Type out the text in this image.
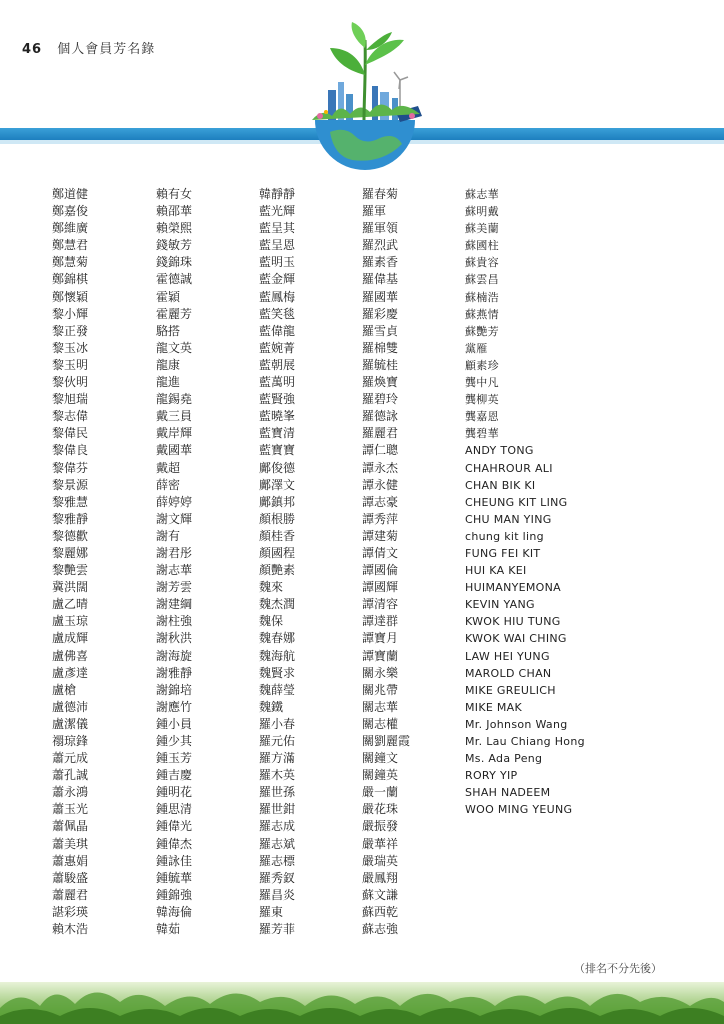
46 個人會員芳名錄
鄭道健
鄭嘉俊
鄭維廣
鄭慧君
鄭慧菊
鄭錦棋
鄭懷穎
黎小輝
黎正發
黎玉冰
黎玉明
黎伙明
黎旭瑞
黎志偉
黎偉民
黎偉良
黎偉芬
黎景源
黎雅慧
黎雅靜
黎德歡
黎麗娜
黎艷雲
冀洪闊
盧乙晴
盧玉琼
盧成輝
盧佛喜
盧彥達
盧槍
盧德沛
盧潔儀
禤琼鋒
蕭元成
蕭孔誠
蕭永鴻
蕭玉光
蕭佩晶
蕭美琪
蕭惠娟
蕭駿盛
蕭麗君
諶彩瑛
賴木浩
賴有女
賴邵華
賴榮熙
錢敏芳
錢錦珠
霍德誠
霍穎
霍麗芳
駱搭
龍文英
龍康
龍進
龍錫堯
戴三員
戴岸輝
戴國華
戴超
薛密
薛婷婷
謝文輝
謝有
謝君彤
謝志華
謝芳雲
謝建綱
謝柱強
謝秋洪
謝海旋
謝雅靜
謝錦培
謝應竹
鍾小員
鍾少其
鍾玉芳
鍾吉慶
鍾明花
鍾思清
鍾偉光
鍾偉杰
鍾詠佳
鍾毓華
鍾錦強
韓海倫
韓茹
韓靜靜
藍光輝
藍呈其
藍呈恩
藍明玉
藍金輝
藍鳳梅
藍笑毯
藍偉龍
藍婉菁
藍朝展
藍萬明
藍賢強
藍曉峯
藍寶清
藍寶寶
鄺俊德
鄺澤文
鄺鎮邦
顏根勝
顏桂香
顏國程
顏艷素
魏來
魏杰潤
魏保
魏春娜
魏海航
魏賢求
魏薛瑩
魏鐵
羅小春
羅元佑
羅方滿
羅木英
羅世孫
羅世鉗
羅志成
羅志斌
羅志標
羅秀釵
羅昌炎
羅東
羅芳菲
羅春菊
羅軍
羅軍領
羅烈武
羅素香
羅偉基
羅國華
羅彩慶
羅雪貞
羅棉雙
羅毓桂
羅煥寶
羅碧玲
羅德詠
羅麗君
譚仁聰
譚永杰
譚永健
譚志豪
譚秀萍
譚建菊
譚倩文
譚國倫
譚國輝
譚清容
譚達群
譚寶月
譚寶蘭
關永樂
關兆帶
關志華
關志權
關劉麗霞
關鐘文
關鐘英
嚴一蘭
嚴花珠
嚴振發
嚴華祥
嚴瑞英
嚴鳳翔
蘇文謙
蘇西乾
蘇志強
蘇志華
蘇明戴
蘇美蘭
蘇國柱
蘇貴容
蘇雲昌
蘇楠浩
蘇燕情
蘇艷芳
黨雁
顧素珍
龔中凡
龔柳英
龔嘉恩
龔碧華
ANDY TONG
CHAHROUR ALI
CHAN BIK KI
CHEUNG KIT LING
CHU MAN YING
chung kit ling
FUNG FEI KIT
HUI KA KEI
HUIMANYEMONA
KEVIN YANG
KWOK HIU TUNG
KWOK WAI CHING
LAW HEI YUNG
MAROLD CHAN
MIKE GREULICH
MIKE MAK
Mr. Johnson Wang
Mr. Lau Chiang Hong
Ms. Ada Peng
RORY YIP
SHAH NADEEM
WOO MING YEUNG
（排名不分先後）
